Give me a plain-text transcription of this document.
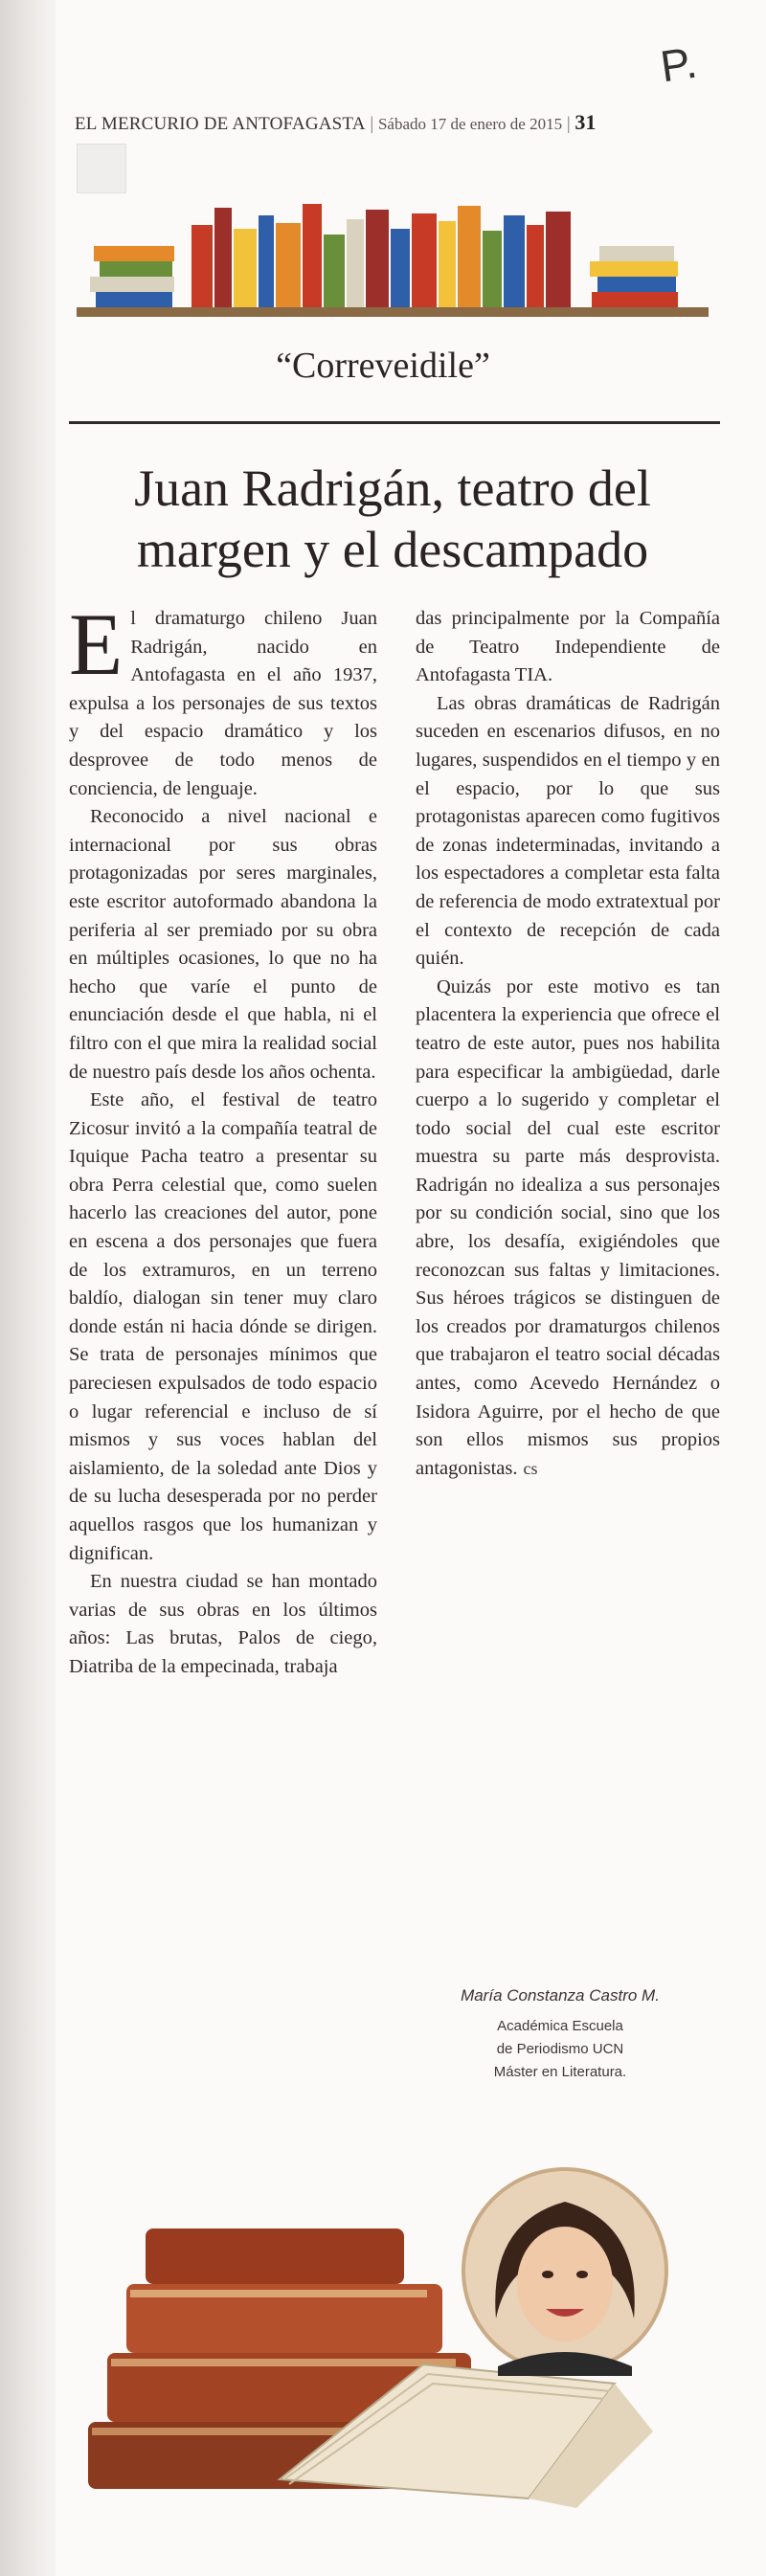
P.
EL MERCURIO DE ANTOFAGASTA | Sábado 17 de enero de 2015 | 31
“Correveidile”
Juan Radrigán, teatro del margen y el descampado

El dramaturgo chileno Juan Radrigán, nacido en Antofagasta en el año 1937, expulsa a los personajes de sus textos y del espacio dramático y los desprovee de todo menos de conciencia, de lenguaje.

Reconocido a nivel nacional e internacional por sus obras protagonizadas por seres marginales, este escritor autoformado abandona la periferia al ser premiado por su obra en múltiples ocasiones, lo que no ha hecho que varíe el punto de enunciación desde el que habla, ni el filtro con el que mira la realidad social de nuestro país desde los años ochenta.

Este año, el festival de teatro Zicosur invitó a la compañía teatral de Iquique Pacha teatro a presentar su obra Perra celestial que, como suelen hacerlo las creaciones del autor, pone en escena a dos personajes que fuera de los extramuros, en un terreno baldío, dialogan sin tener muy claro donde están ni hacia dónde se dirigen. Se trata de personajes mínimos que pareciesen expulsados de todo espacio o lugar referencial e incluso de sí mismos y sus voces hablan del aislamiento, de la soledad ante Dios y de su lucha desesperada por no perder aquellos rasgos que los humanizan y dignifican.

En nuestra ciudad se han montado varias de sus obras en los últimos años: Las brutas, Palos de ciego, Diatriba de la empecinada, trabaja

das principalmente por la Compañía de Teatro Independiente de Antofagasta TIA.

Las obras dramáticas de Radrigán suceden en escenarios difusos, en no lugares, suspendidos en el tiempo y en el espacio, por lo que sus protagonistas aparecen como fugitivos de zonas indeterminadas, invitando a los espectadores a completar esta falta de referencia de modo extratextual por el contexto de recepción de cada quién.

Quizás por este motivo es tan placentera la experiencia que ofrece el teatro de este autor, pues nos habilita para especificar la ambigüedad, darle cuerpo a lo sugerido y completar el todo social del cual este escritor muestra su parte más desprovista. Radrigán no idealiza a sus personajes por su condición social, sino que los abre, los desafía, exigiéndoles que reconozcan sus faltas y limitaciones. Sus héroes trágicos se distinguen de los creados por dramaturgos chilenos que trabajaron el teatro social décadas antes, como Acevedo Hernández o Isidora Aguirre, por el hecho de que son ellos mismos sus propios antagonistas. cs

María Constanza Castro M.
Académica Escuela
de Periodismo UCN
Máster en Literatura.
